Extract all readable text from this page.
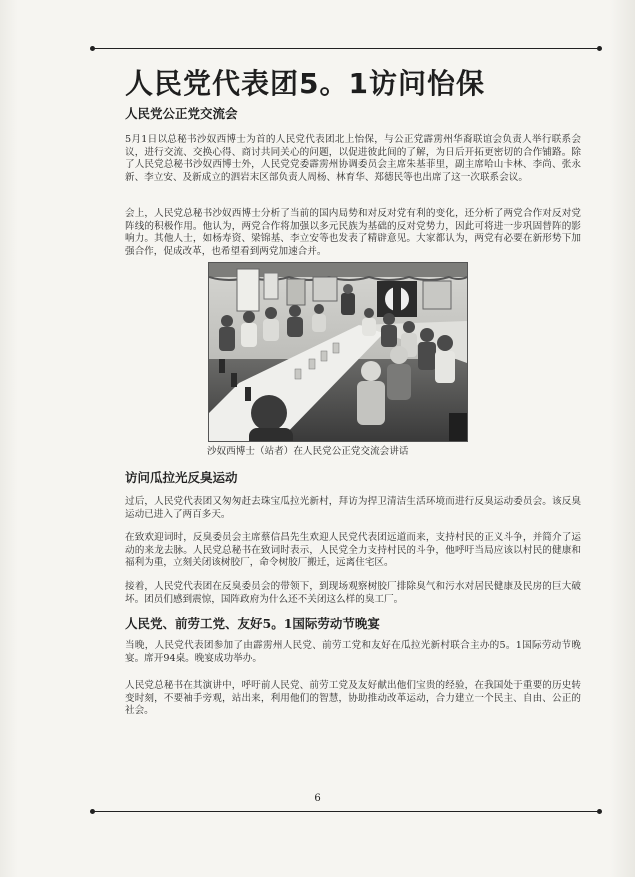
人民党代表团5。1访问怡保
人民党公正党交流会

5月1日以总秘书沙奴西博士为首的人民党代表团北上怡保，与公正党霹雳州华裔联谊会负责人举行联系会议，进行交流、交换心得、商讨共同关心的问题，以促进彼此间的了解，为日后开拓更密切的合作铺路。除了人民党总秘书沙奴西博士外，人民党党委霹雳州协调委员会主席朱基菲里，副主席哈山卡林、李尚、张永新、李立安、及新成立的泗岩末区部负责人周杨、林育华、郑德民等也出席了这一次联系会议。

会上，人民党总秘书沙奴西博士分析了当前的国内局势和对反对党有利的变化，还分析了两党合作对反对党阵线的积极作用。他认为，两党合作将加强以多元民族为基础的反对党势力，因此可将进一步巩固替阵的影响力。其他人士，如杨寿资、梁锦基、李立安等也发表了精辟意见。大家都认为，两党有必要在新形势下加强合作，促成改革，也希望看到两党加速合并。

沙奴西博士（站者）在人民党公正党交流会讲话

访问瓜拉光反臭运动

过后，人民党代表团又匆匆赶去珠宝瓜拉光新村，拜访为捍卫清洁生活环境而进行反臭运动委员会。该反臭运动已进入了两百多天。

在致欢迎词时，反臭委员会主席蔡信昌先生欢迎人民党代表团远道而来，支持村民的正义斗争，并简介了运动的来龙去脉。人民党总秘书在致词时表示，人民党全力支持村民的斗争，他呼吁当局应该以村民的健康和福利为重，立刻关闭该树胶厂，命令树胶厂搬迁，远离住宅区。

接着，人民党代表团在反臭委员会的带领下，到现场观察树胶厂排除臭气和污水对居民健康及民房的巨大破坏。团员们感到震惊，国阵政府为什么还不关闭这么样的臭工厂。

人民党、前劳工党、友好5。1国际劳动节晚宴

当晚，人民党代表团参加了由霹雳州人民党、前劳工党和友好在瓜拉光新村联合主办的5。1国际劳动节晚宴。席开94桌。晚宴成功举办。

人民党总秘书在其演讲中，呼吁前人民党、前劳工党及友好献出他们宝贵的经验，在我国处于重要的历史转变时刻，不要袖手旁观，站出来，利用他们的智慧，协助推动改革运动，合力建立一个民主、自由、公正的社会。

6
